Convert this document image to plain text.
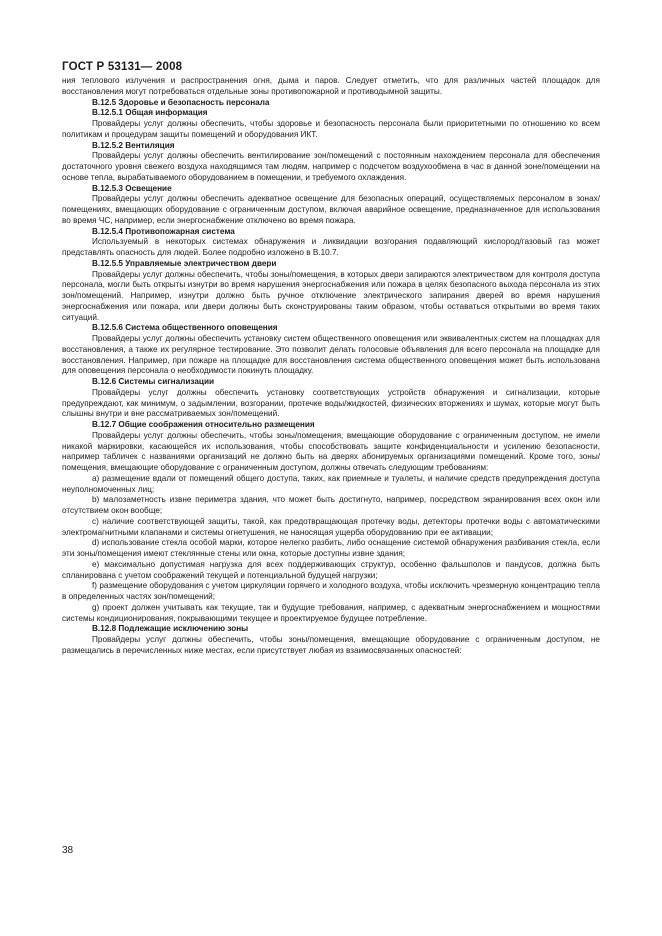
ГОСТ Р 53131— 2008

ния теплового излучения и распространения огня, дыма и паров. Следует отметить, что для различных частей площадок для восстановления могут потребоваться отдельные зоны противопожарной и противодымной защиты.

В.12.5 Здоровье и безопасность персонала

В.12.5.1 Общая информация

Провайдеры услуг должны обеспечить, чтобы здоровье и безопасность персонала были приоритетными по отношению ко всем политикам и процедурам защиты помещений и оборудования ИКТ.

В.12.5.2 Вентиляция

Провайдеры услуг должны обеспечить вентилирование зон/помещений с постоянным нахождением персонала для обеспечения достаточного уровня свежего воздуха находящимся там людям, например с подсчетом воздухообмена в час в данной зоне/помещении на основе тепла, вырабатываемого оборудованием в помещении, и требуемого охлаждения.

В.12.5.3 Освещение

Провайдеры услуг должны обеспечить адекватное освещение для безопасных операций, осуществляемых персоналом в зонах/помещениях, вмещающих оборудование с ограниченным доступом, включая аварийное освещение, предназначенное для использования во время ЧС, например, если энергоснабжение отключено во время пожара.

В.12.5.4 Противопожарная система

Используемый в некоторых системах обнаружения и ликвидации возгорания подавляющий кислород/газовый газ может представлять опасность для людей. Более подробно изложено в В.10.7.

В.12.5.5 Управляемые электричеством двери

Провайдеры услуг должны обеспечить, чтобы зоны/помещения, в которых двери запираются электричеством для контроля доступа персонала, могли быть открыты изнутри во время нарушения энергоснабжения или пожара в целях безопасного выхода персонала из этих зон/помещений. Например, изнутри должно быть ручное отключение электрического запирания дверей во время нарушения энергоснабжения или пожара, или двери должны быть сконструированы таким образом, чтобы оставаться открытыми во время таких ситуаций.

В.12.5.6 Система общественного оповещения

Провайдеры услуг должны обеспечить установку систем общественного оповещения или эквивалентных систем на площадках для восстановления, а также их регулярное тестирование. Это позволит делать голосовые объявления для всего персонала на площадке для восстановления. Например, при пожаре на площадке для восстановления система общественного оповещения может быть использована для оповещения персонала о необходимости покинуть площадку.

В.12.6 Системы сигнализации

Провайдеры услуг должны обеспечить установку соответствующих устройств обнаружения и сигнализации, которые предупреждают, как минимум, о задымлении, возгорании, протечке воды/жидкостей, физических вторжениях и шумах, которые могут быть слышны внутри и вне рассматриваемых зон/помещений.

В.12.7 Общие соображения относительно размещения

Провайдеры услуг должны обеспечить, чтобы зоны/помещения, вмещающие оборудование с ограниченным доступом, не имели никакой маркировки, касающейся их использования, чтобы способствовать защите конфиденциальности и усилению безопасности, например табличек с названиями организаций не должно быть на дверях абонируемых организациями помещений. Кроме того, зоны/помещения, вмещающие оборудование с ограниченным доступом, должны отвечать следующим требованиям:

а) размещение вдали от помещений общего доступа, таких, как приемные и туалеты, и наличие средств предупреждения доступа неуполномоченных лиц;

b) малозаметность извне периметра здания, что может быть достигнуто, например, посредством экранирования всех окон или отсутствием окон вообще;

c) наличие соответствующей защиты, такой, как предотвращающая протечку воды, детекторы протечки воды с автоматическими электромагнитными клапанами и системы огнетушения, не наносящая ущерба оборудованию при ее активации;

d) использование стекла особой марки, которое нелегко разбить, либо оснащение системой обнаружения разбивания стекла, если эти зоны/помещения имеют стеклянные стены или окна, которые доступны извне здания;

e) максимально допустимая нагрузка для всех поддерживающих структур, особенно фальшполов и пандусов, должна быть спланирована с учетом соображений текущей и потенциальной будущей нагрузки;

f) размещение оборудования с учетом циркуляции горячего и холодного воздуха, чтобы исключить чрезмерную концентрацию тепла в определенных частях зон/помещений;

g) проект должен учитывать как текущие, так и будущие требования, например, с адекватным энергоснабжением и мощностями системы кондиционирования, покрывающими текущее и проектируемое будущее потребление.

В.12.8 Подлежащие исключению зоны

Провайдеры услуг должны обеспечить, чтобы зоны/помещения, вмещающие оборудование с ограниченным доступом, не размещались в перечисленных ниже местах, если присутствует любая из взаимосвязанных опасностей:

38
